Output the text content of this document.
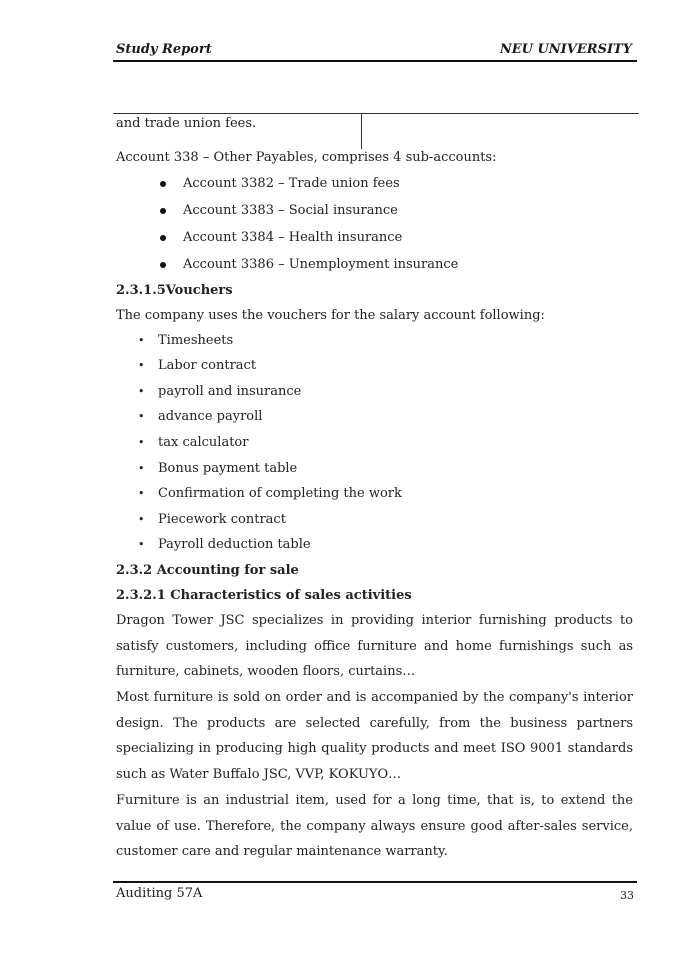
Study Report	NEU UNIVERSITY
and trade union fees.
Account 338 – Other Payables, comprises 4 sub-accounts:
Account 3382 – Trade union fees
Account 3383 – Social insurance
Account 3384 – Health insurance
Account 3386 – Unemployment insurance
2.3.1.5Vouchers
The company uses the vouchers for the salary account following:
• Timesheets
• Labor contract
• payroll and insurance
• advance payroll
• tax calculator
• Bonus payment table
• Confirmation of completing the work
• Piecework contract
• Payroll deduction table
2.3.2 Accounting for sale
2.3.2.1 Characteristics of sales activities
Dragon Tower JSC specializes in providing interior furnishing products to satisfy customers, including office furniture and home furnishings such as furniture, cabinets, wooden floors, curtains…
Most furniture is sold on order and is accompanied by the company's interior design. The products are selected carefully, from the business partners specializing in producing high quality products and meet ISO 9001 standards such as Water Buffalo JSC, VVP, KOKUYO…
Furniture is an industrial item, used for a long time, that is, to extend the value of use. Therefore, the company always ensure good after-sales service, customer care and regular maintenance warranty.
Auditing 57A	33
